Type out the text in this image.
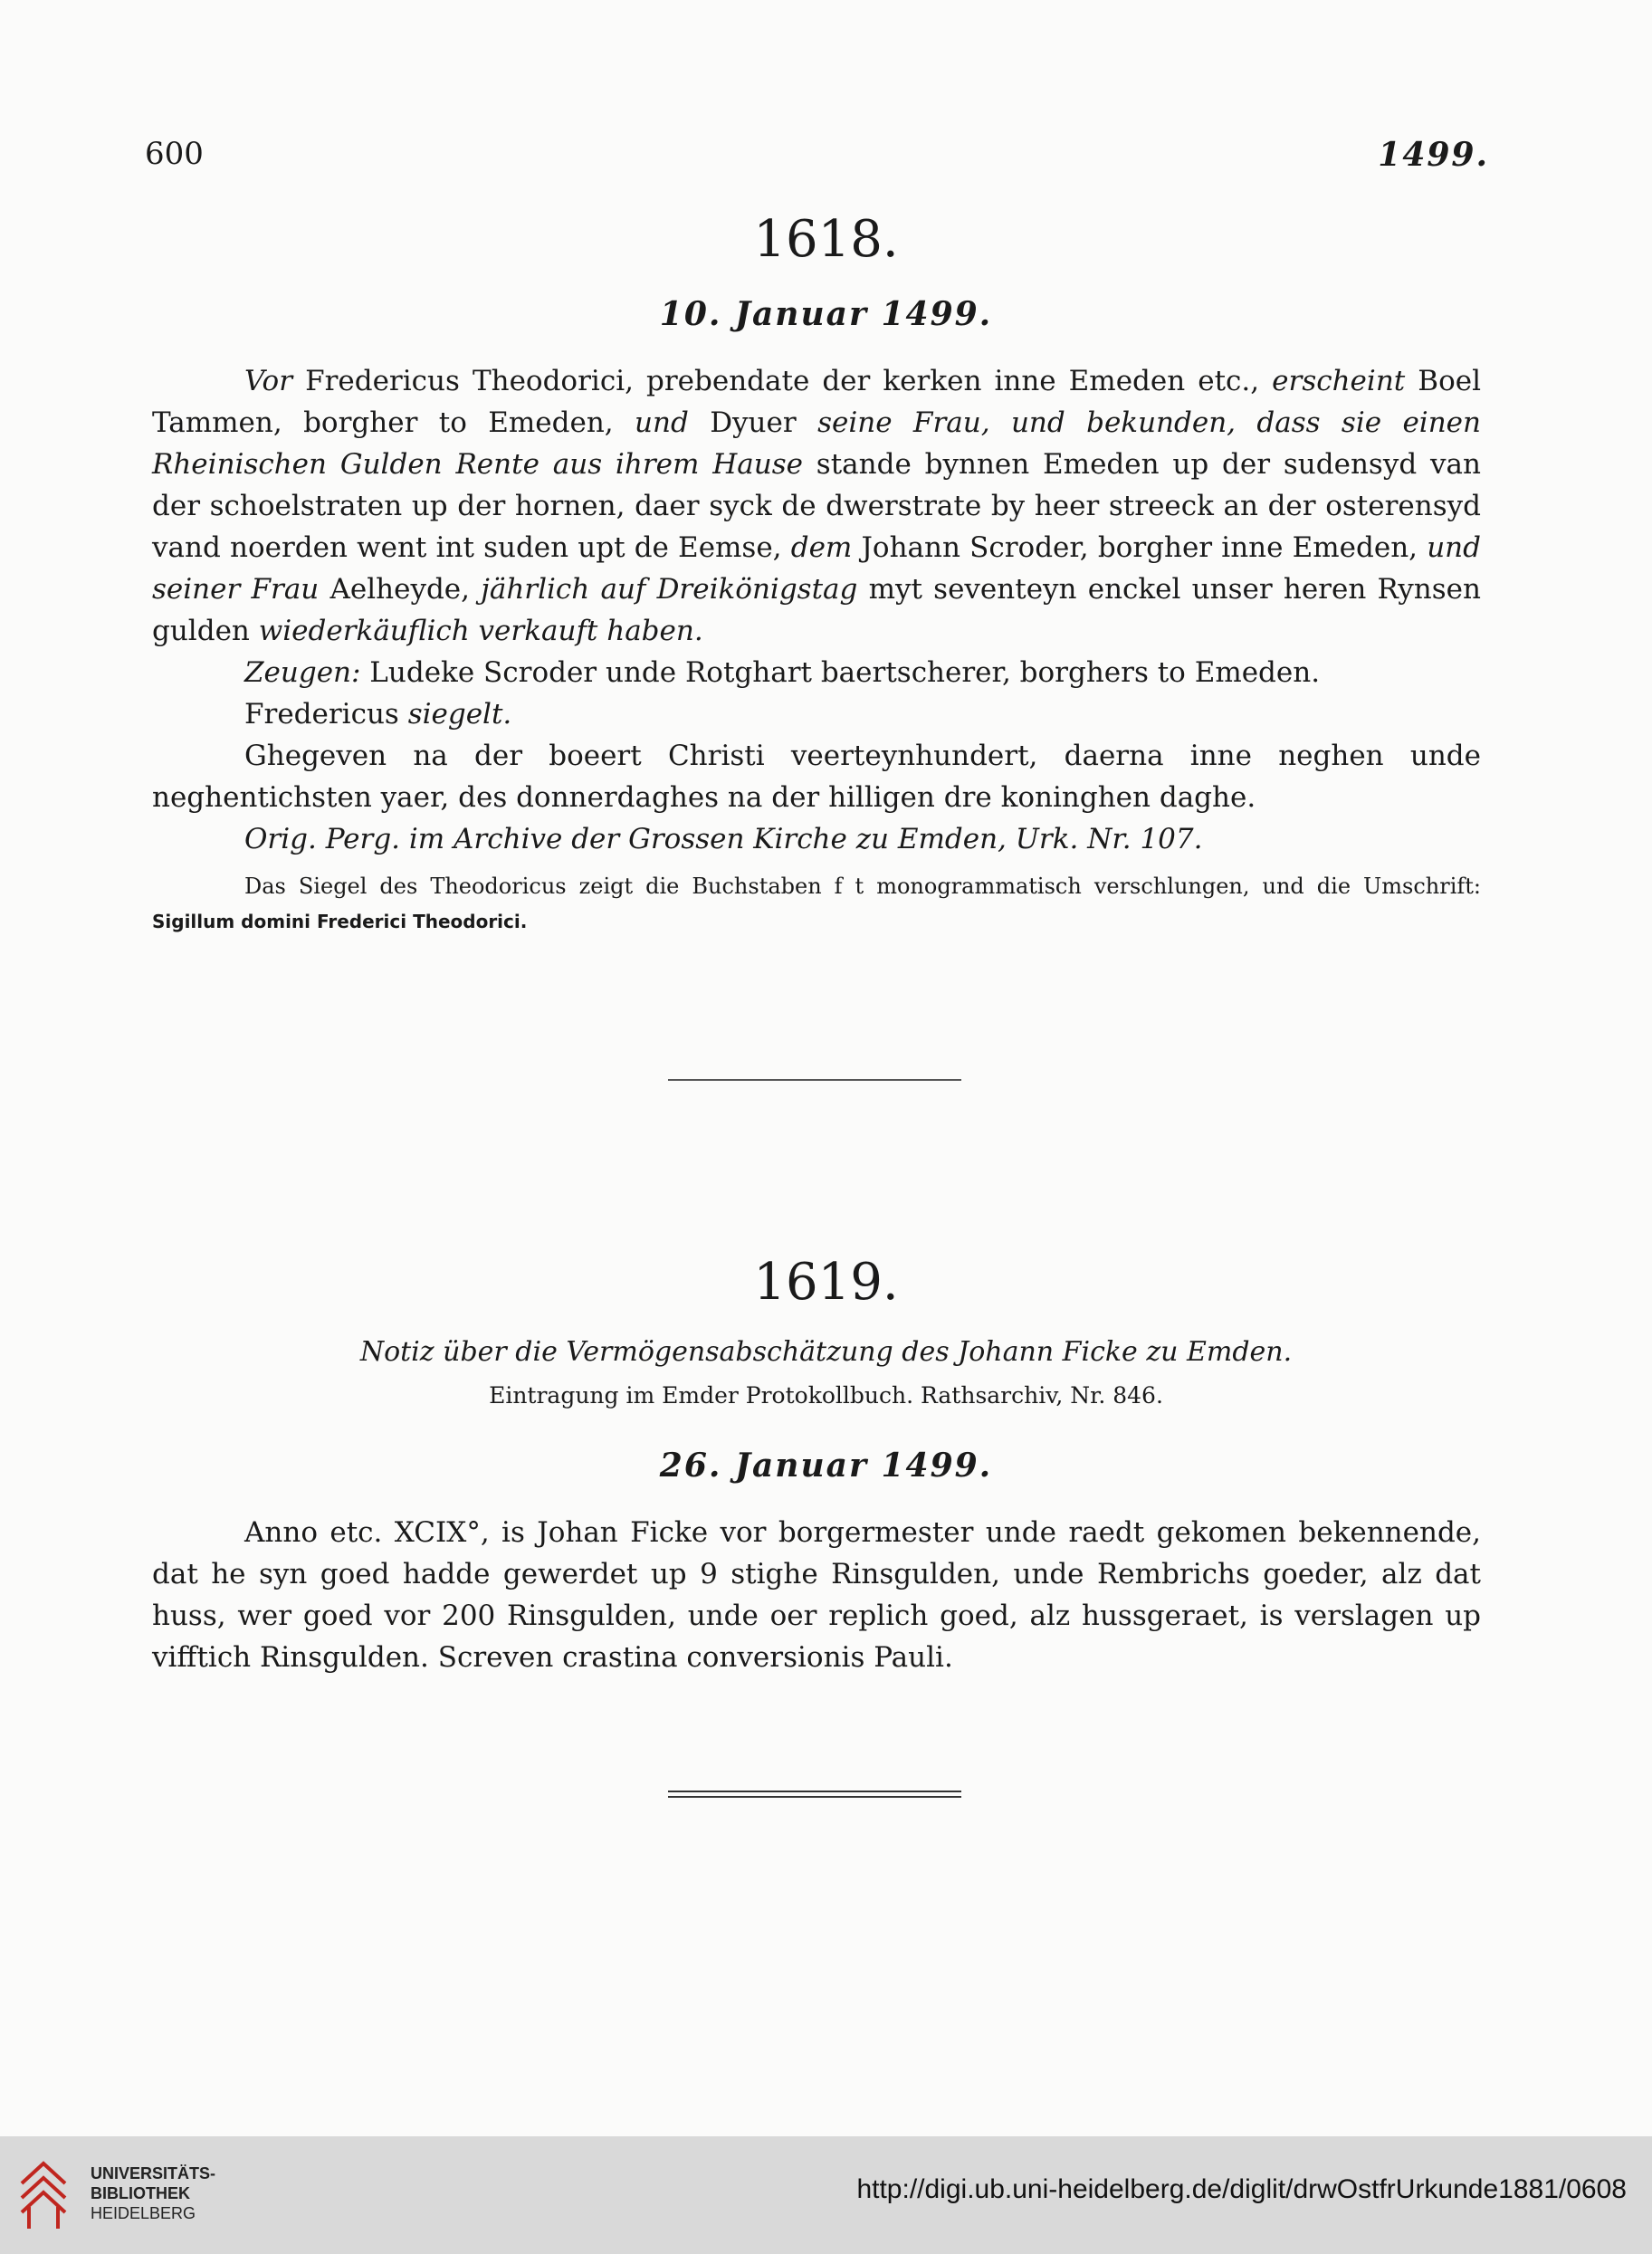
600	1499.
1618.
10. Januar 1499.

Vor Fredericus Theodorici, prebendate der kerken inne Emeden etc., erscheint Boel Tammen, borgher to Emeden, und Dyuer seine Frau, und bekunden, dass sie einen Rheinischen Gulden Rente aus ihrem Hause stande bynnen Emeden up der sudensyd van der schoelstraten up der hornen, daer syck de dwerstrate by heer streeck an der osterensyd vand noerden went int suden upt de Eemse, dem Johann Scroder, borgher inne Emeden, und seiner Frau Aelheyde, jährlich auf Dreikönigstag myt seventeyn enckel unser heren Rynsen gulden wiederkäuflich verkauft haben.

Zeugen: Ludeke Scroder unde Rotghart baertscherer, borghers to Emeden.

Fredericus siegelt.

Ghegeven na der boeert Christi veerteynhundert, daerna inne neghen unde neghentichsten yaer, des donnerdaghes na der hilligen dre koninghen daghe.

Orig. Perg. im Archive der Grossen Kirche zu Emden, Urk. Nr. 107.

Das Siegel des Theodoricus zeigt die Buchstaben f t monogrammatisch verschlungen, und die Umschrift: Sigillum domini Frederici Theodorici.

1619.
Notiz über die Vermögensabschätzung des Johann Ficke zu Emden.
Eintragung im Emder Protokollbuch. Rathsarchiv, Nr. 846.
26. Januar 1499.

Anno etc. XCIX°, is Johan Ficke vor borgermester unde raedt gekomen bekennende, dat he syn goed hadde gewerdet up 9 stighe Rinsgulden, unde Rembrichs goeder, alz dat huss, wer goed vor 200 Rinsgulden, unde oer replich goed, alz hussgeraet, is verslagen up vifftich Rinsgulden. Screven crastina conversionis Pauli.

UNIVERSITÄTS-
BIBLIOTHEK
HEIDELBERG
http://digi.ub.uni-heidelberg.de/diglit/drwOstfrUrkunde1881/0608
